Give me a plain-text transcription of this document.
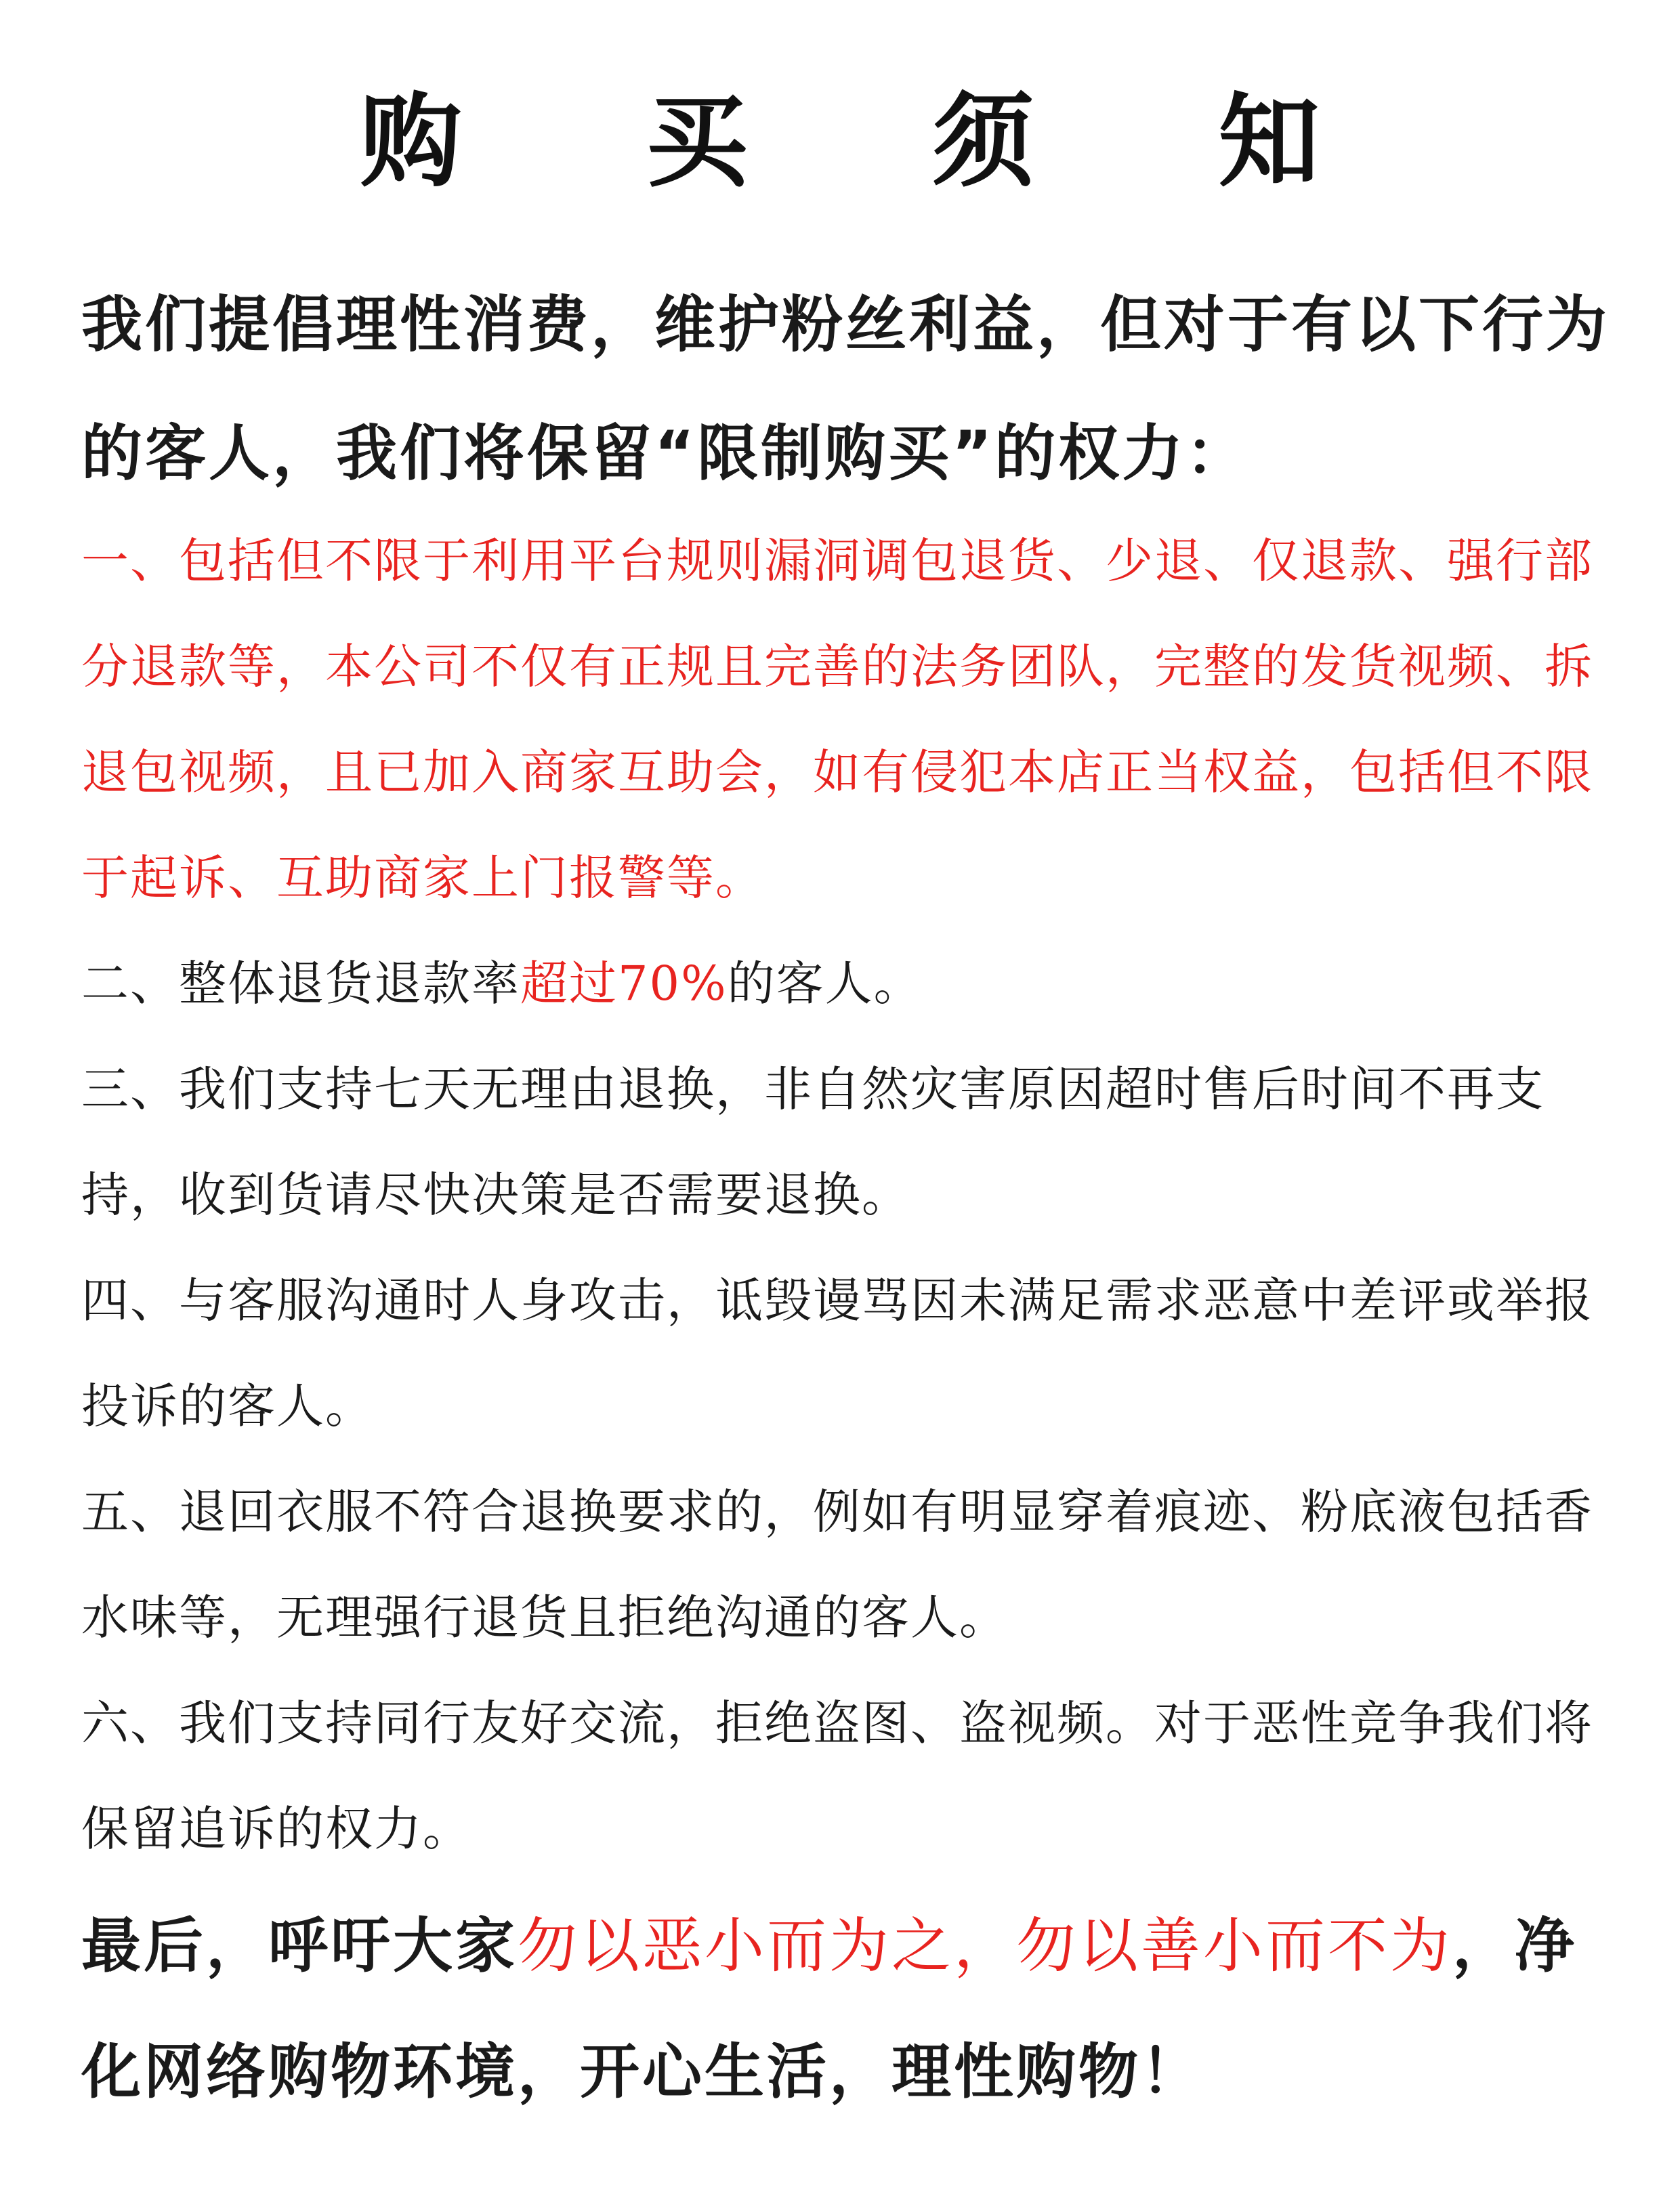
购 买 须 知
我们提倡理性消费，维护粉丝利益，但对于有以下行为的客人，我们将保留“限制购买”的权力：

一、包括但不限于利用平台规则漏洞调包退货、少退、仅退款、强行部分退款等，本公司不仅有正规且完善的法务团队，完整的发货视频、拆退包视频，且已加入商家互助会，如有侵犯本店正当权益，包括但不限于起诉、互助商家上门报警等。

二、整体退货退款率超过70%的客人。

三、我们支持七天无理由退换，非自然灾害原因超时售后时间不再支持，收到货请尽快决策是否需要退换。

四、与客服沟通时人身攻击，诋毁谩骂因未满足需求恶意中差评或举报投诉的客人。

五、退回衣服不符合退换要求的，例如有明显穿着痕迹、粉底液包括香水味等，无理强行退货且拒绝沟通的客人。

六、我们支持同行友好交流，拒绝盗图、盗视频。对于恶性竞争我们将保留追诉的权力。

最后，呼吁大家勿以恶小而为之，勿以善小而不为，净化网络购物环境，开心生活，理性购物！
